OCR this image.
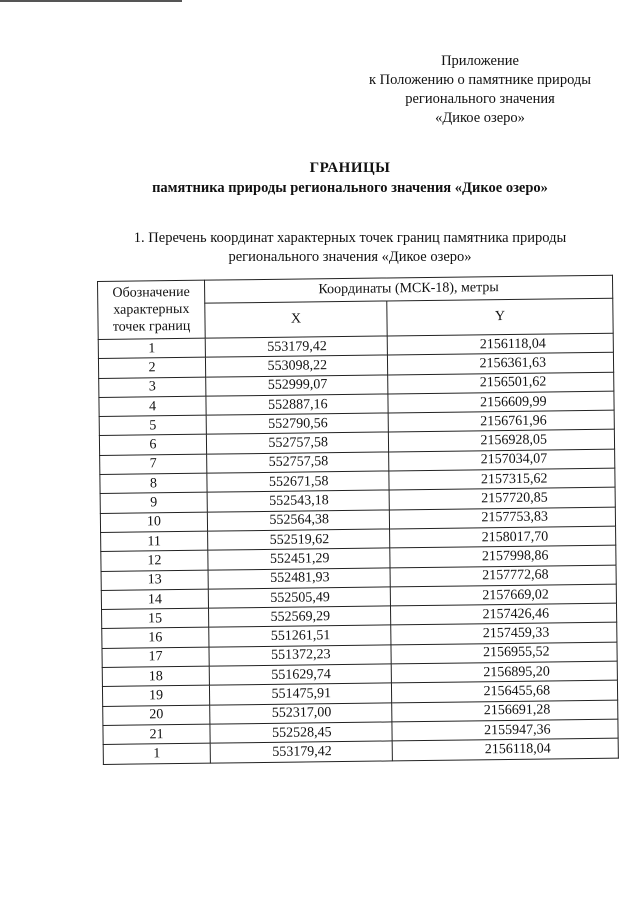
Приложение
к Положению о памятнике природы
регионального значения
«Дикое озеро»
ГРАНИЦЫ
памятника природы регионального значения «Дикое озеро»
1. Перечень координат характерных точек границ памятника природы
регионального значения «Дикое озеро»
Обозначение
характерных
точек границ	Координаты (МСК-18), метры	
	X	Y
1	553179,42	2156118,04
2	553098,22	2156361,63
3	552999,07	2156501,62
4	552887,16	2156609,99
5	552790,56	2156761,96
6	552757,58	2156928,05
7	552757,58	2157034,07
8	552671,58	2157315,62
9	552543,18	2157720,85
10	552564,38	2157753,83
11	552519,62	2158017,70
12	552451,29	2157998,86
13	552481,93	2157772,68
14	552505,49	2157669,02
15	552569,29	2157426,46
16	551261,51	2157459,33
17	551372,23	2156955,52
18	551629,74	2156895,20
19	551475,91	2156455,68
20	552317,00	2156691,28
21	552528,45	2155947,36
1	553179,42	2156118,04
